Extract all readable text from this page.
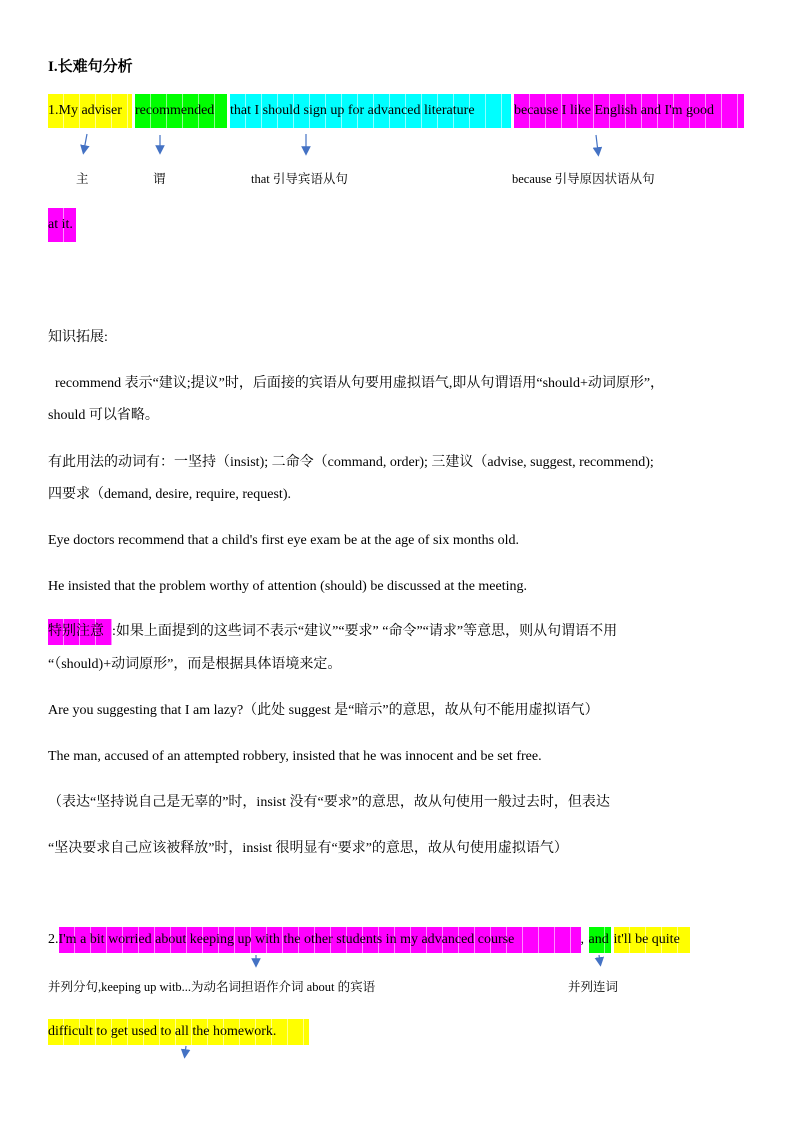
I.长难句分析
1.My adviser recommended that I should sign up for advanced literature	because I like English and I'm good
主	谓	that 引导宾语从句	because 引导原因状语从句
at it.
知识拓展:
recommend 表示“建议;提议”时，后面接的宾语从句要用虚拟语气,即从句谓语用“should+动词原形”，
should 可以省略。
有此用法的动词有：一坚持（insist); 二命令（command, order); 三建议（advise, suggest, recommend);
四要求（demand, desire, require, request).
Eye doctors recommend that a child's first eye exam be at the age of six months old.
He insisted that the problem worthy of attention (should) be discussed at the meeting.
特别注意 :如果上面提到的这些词不表示“建议”“要求” “命令”“请求”等意思，则从句谓语不用
“（should)+动词原形”，而是根据具体语境来定。
Are you suggesting that I am lazy?（此处 suggest 是“暗示”的意思，故从句不能用虚拟语气）
The man, accused of an attempted robbery, insisted that he was innocent and be set free.
（表达“坚持说自己是无辜的”时，insist 没有“要求”的意思，故从句使用一般过去时，但表达
“坚决要求自己应该被释放”时，insist 很明显有“要求”的意思，故从句使用虚拟语气）
2.I'm a bit worried about keeping up with the other students in my advanced course	, and it'll be quite
并列分句,keeping up witb...为动名词担语作介词 about 的宾语	并列连词
difficult to get used to all the homework.
